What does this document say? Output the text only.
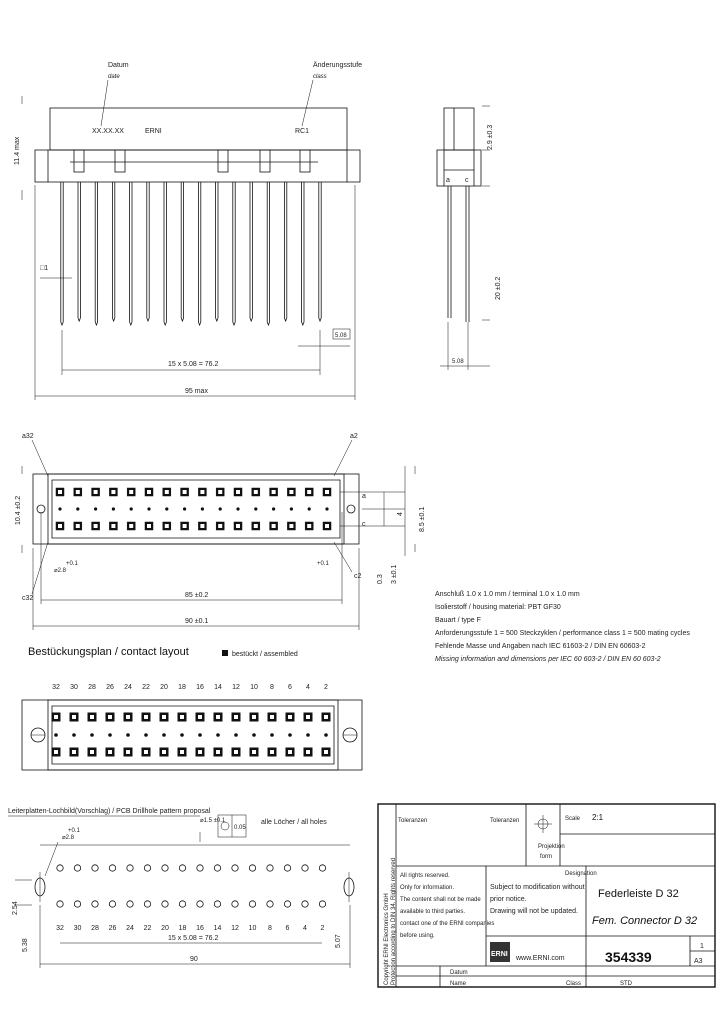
Datum
date
Änderungsstufe
class
XX.XX.XX	ERNI	RC1
11.4 max
□1
5.08
15 x 5.08 = 76.2
95 max
a c
2.9 ±0.3
20 ±0.2
5.08
a32	a2
10.4 ±0.2
⌀2.8
+0.1	+0.1
c32
c2
85 ±0.2
90 ±0.1
a
c
4 8.5 ±0.1
0.3 3 ±0.1
Anschluß 1.0 x 1.0 mm / terminal 1.0 x 1.0 mm
Isolierstoff / housing material: PBT GF30
Bauart / type F
Anforderungsstufe 1 = 500 Steckzyklen / performance class 1 = 500 mating cycles
Fehlende Masse und Angaben nach IEC 61603-2 / DIN EN 60603-2
Missing information and dimensions per IEC 60 603-2 / DIN EN 60 603-2
Bestückungsplan / contact layout	bestückt / assembled
32 30 28 26 24 22 20 18 16 14 12 10 8 6 4 2
Leiterplatten-Lochbild(Vorschlag) / PCB Drillhole pattern proposal
⌀1.5 ±0.1
0.05
alle Löcher / all holes
+0.1
⌀2.8
32 30 28 26 24 22 20 18 16 14 12 10 8 6 4 2
15 x 5.08 = 76.2
90
2.54
5.38	5.07	Copyright ERNI Electronics GmbH Protection according to DIN 34. Rights reserved
Toleranzen	Toleranzen	Scale 2:1
Projektion
form
Designation
All rights reserved.
Only for information.
The content shall not be made
available to third parties.
contact one of the ERNI companies
before using.
Subject to modification without
prior notice.
Drawing will not be updated.
Federleiste D 32
Fem. Connector D 32
ERNI
www.ERNI.com	354339
1
A3
Datum
Name	Class	STD
